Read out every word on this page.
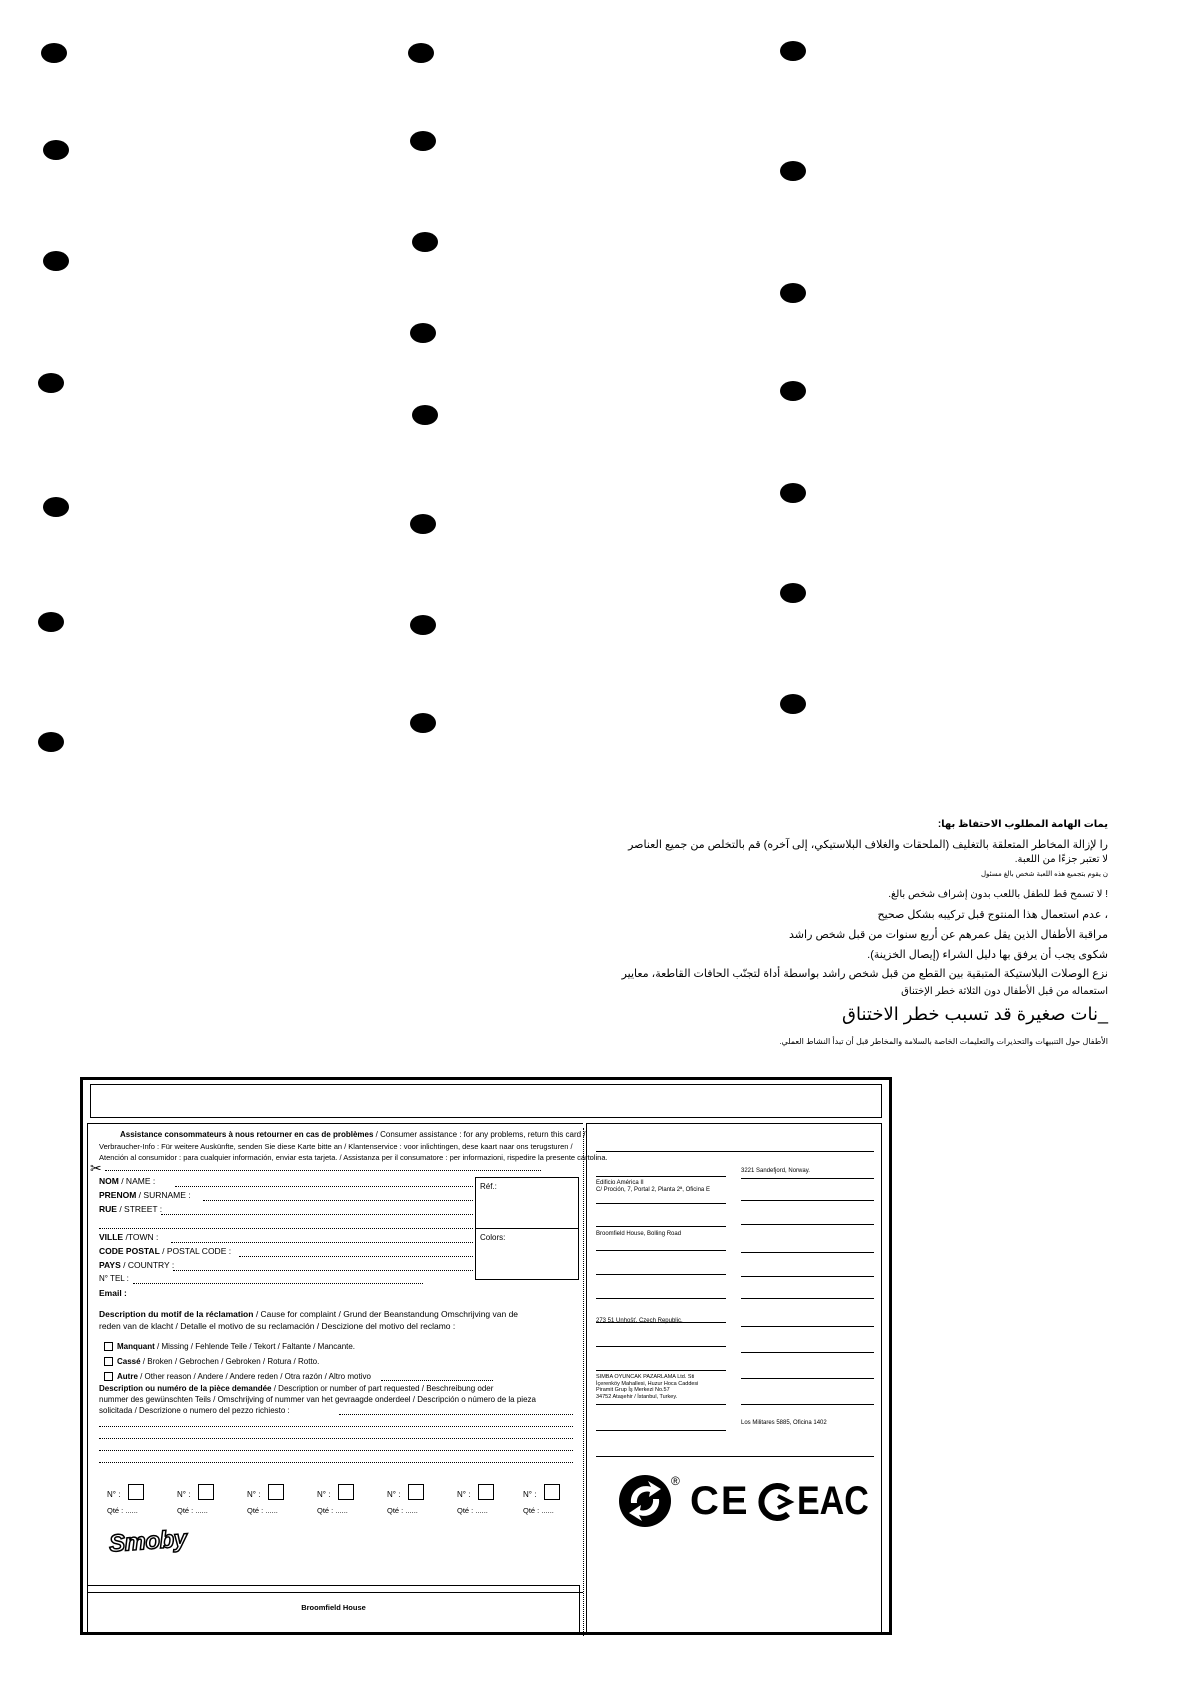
يمات الهامة المطلوب الاحتفاظ بها:
را لإزالة المخاطر المتعلقة بالتغليف (الملحقات والغلاف البلاستيكي، إلى آخره) قم بالتخلص من جميع العناصر
لا تعتبر جزءًا من اللعبة.
ن يقوم بتجميع هذه اللعبة شخص بالغ مسئول
! لا تسمح قط للطفل باللعب بدون إشراف شخص بالغ.
، عدم استعمال هذا المنتوج قبل تركيبه بشكل صحيح
مراقبة الأطفال الذين يقل عمرهم عن أربع سنوات من قبل شخص راشد
شكوى يجب أن يرفق بها دليل الشراء (إيصال الخزينة).
نزع الوصلات البلاستيكة المتبقية بين القطع من قبل شخص راشد بواسطة أداة لتجنّب الحافات القاطعة، معايير
استعماله من قبل الأطفال دون الثلاثة خطر الإختناق
_نات صغيرة قد تسبب خطر الاختناق
الأطفال حول التنبيهات والتحذيرات والتعليمات الخاصة بالسلامة والمخاطر قبل أن تبدأ النشاط العملي.
Assistance consommateurs à nous retourner en cas de problèmes / Consumer assistance : for any problems, return this card /
Verbraucher-Info : Für weitere Auskünfte, senden Sie diese Karte bitte an / Klantenservice : voor inlichtingen, dese kaart naar ons terugsturen /
Atención al consumidor : para cualquier información, enviar esta tarjeta. / Assistanza per il consumatore : per informazioni, rispedire la presente cartolina.
✂
NOM / NAME :
PRENOM / SURNAME :
RUE / STREET :
VILLE /TOWN :
CODE POSTAL / POSTAL CODE :
PAYS / COUNTRY :
N° TEL :
Email :
Réf.:
Colors:
Description du motif de la réclamation / Cause for complaint / Grund der Beanstandung Omschrijving van de
reden van de klacht / Detalle el motivo de su reclamación / Descizione del motivo del reclamo :
Manquant / Missing / Fehlende Teile / Tekort / Faltante / Mancante.
Cassé / Broken / Gebrochen / Gebroken / Rotura / Rotto.
Autre / Other reason / Andere / Andere reden / Otra razón / Altro motivo
Description ou numéro de la pièce demandée / Description or number of part requested / Beschreibung oder
nummer des gewünschten Teils / Omschrijving of nummer van het gevraagde onderdeel / Descripción o número de la pieza
solicitada / Descrizione o numero del pezzo richiesto :
N° :	N° :	N° :	N° :	N° :	N° :	N° :
Qté : ......	Qté : ......	Qté : ......	Qté : ......	Qté : ......	Qté : ......	Qté : ......
Smoby
Broomfield House
Edificio América II
C/ Proción, 7, Portal 2, Planta 2ª, Oficina E
Broomfield House, Bolling Road
273 51 Unhošť, Czech Republic.
SIMBA OYUNCAK PAZARLAMA Ltd. Sti
İçerenköy Mahallesi, Huzur Hoca Caddesi
Piramit Grup İş Merkezi No.57
34752 Ataşehir / İstanbul, Turkey.
3221 Sandefjord, Norway.
Los Militares 5885, Oficina 1402
® CE EAC
